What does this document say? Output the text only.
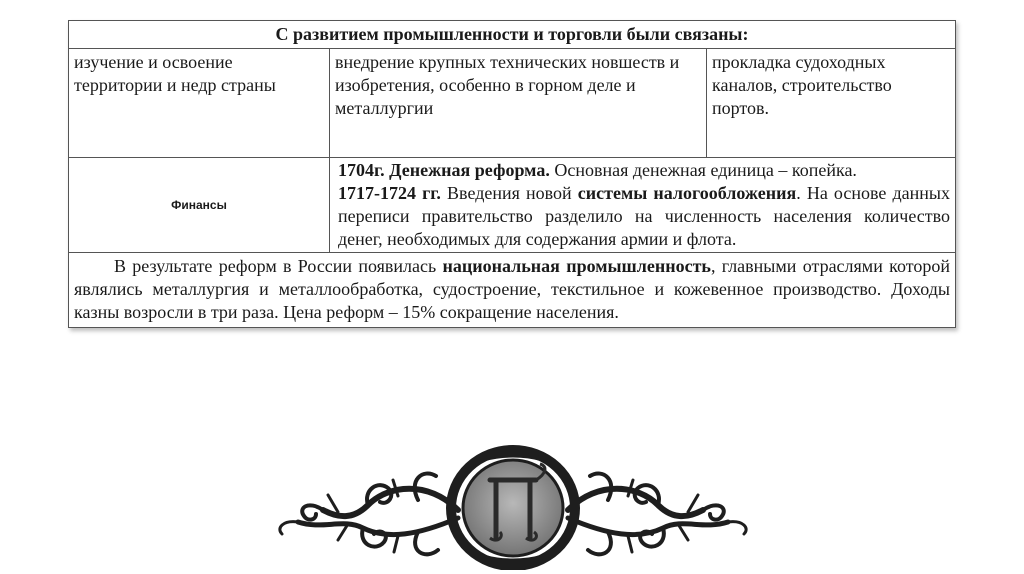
С развитием промышленности и торговли были связаны:		
изучение и освоение территории и недр страны	внедрение крупных технических новшеств и изобретения, особенно в горном деле и металлургии	прокладка судоходных каналов, строительство портов.
Финансы	1704г. Денежная реформа. Основная денежная единица – копейка.
1717-1724 гг. Введения новой системы налогообложения. На основе данных переписи правительство разделило на численность населения количество денег, необходимых для содержания армии и флота.	

В результате реформ в России появилась национальная промышленность, главными отраслями которой являлись металлургия и металлообработка, судостроение, текстильное и кожевенное производство. Доходы казны возросли в три раза. Цена реформ – 15% сокращение населения.		
